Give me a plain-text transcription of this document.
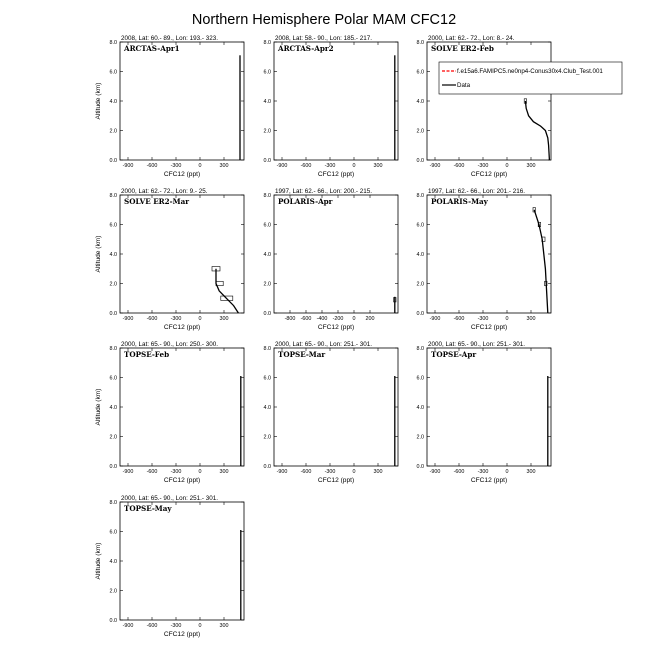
Northern Hemisphere Polar MAM CFC12
2008, Lat: 60.- 89., Lon: 193.- 323.
ARCTAS-Apr1
0.0
2.0
4.0
6.0
8.0
-900 -600 -300	0	300
CFC12 (ppt)
Altitude (km)
2008, Lat: 58.- 90., Lon: 185.- 217.
ARCTAS-Apr2
0.0
2.0
4.0
6.0
8.0
-900 -600 -300	0	300
CFC12 (ppt)
2000, Lat: 62.- 72., Lon: 8.- 24.
SOLVE ER2-Feb
0.0
2.0
4.0
6.0
8.0
-900 -600 -300	0	300
CFC12 (ppt)
2000, Lat: 62.- 72., Lon: 9.- 25.
SOLVE ER2-Mar
0.0
2.0
4.0
6.0
8.0
-900 -600 -300	0	300
CFC12 (ppt)
Altitude (km)
1997, Lat: 62.- 66., Lon: 200.- 215.
POLARIS-Apr
0.0
2.0
4.0
6.0
8.0
-800 -600 -400 -200 0 200
CFC12 (ppt)
1997, Lat: 62.- 66., Lon: 201.- 216.
POLARIS-May
0.0
2.0
4.0
6.0
8.0
-900 -600 -300	0	300
CFC12 (ppt)
2000, Lat: 65.- 90., Lon: 250.- 300.
TOPSE-Feb
0.0
2.0
4.0
6.0
8.0
-900 -600 -300	0	300
CFC12 (ppt)
Altitude (km)
2000, Lat: 65.- 90., Lon: 251.- 301.
TOPSE-Mar
0.0
2.0
4.0
6.0
8.0
-900 -600 -300	0	300
CFC12 (ppt)
2000, Lat: 65.- 90., Lon: 251.- 301.
TOPSE-Apr
0.0
2.0
4.0
6.0
8.0
-900 -600 -300	0	300
CFC12 (ppt)
2000, Lat: 65.- 90., Lon: 251.- 301.
TOPSE-May
0.0
2.0
4.0
6.0
8.0
-900 -600 -300	0	300
CFC12 (ppt)
Altitude (km)
f.e15a6.FAMIPC5.ne0np4-Conus30x4.Club_Test.001
Data
